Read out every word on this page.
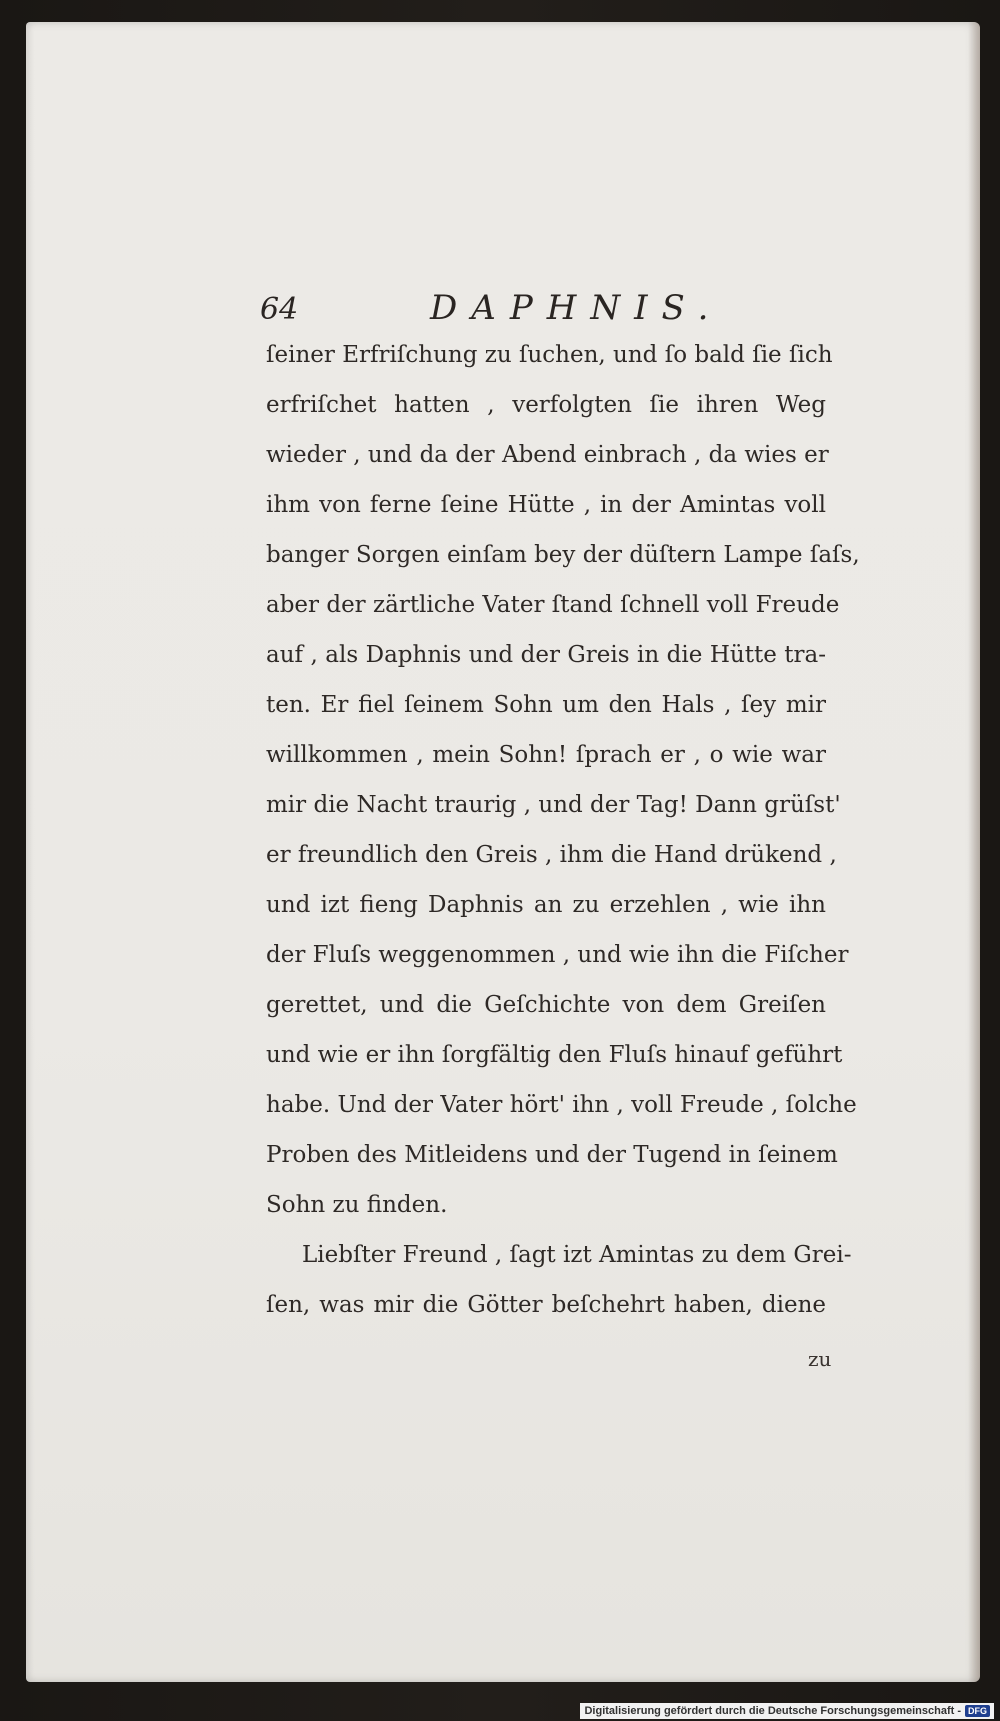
64	DAPHNIS.
ſeiner Erfriſchung zu ſuchen, und ſo bald ſie ſich
erfriſchet hatten , verfolgten ſie ihren Weg
wieder , und da der Abend einbrach , da wies er
ihm von ferne ſeine Hütte , in der Amintas voll
banger Sorgen einſam bey der düſtern Lampe ſaſs,
aber der zärtliche Vater ſtand ſchnell voll Freude
auf , als Daphnis und der Greis in die Hütte tra-
ten. Er fiel ſeinem Sohn um den Hals , ſey mir
willkommen , mein Sohn! ſprach er , o wie war
mir die Nacht traurig , und der Tag! Dann grüſst'
er freundlich den Greis , ihm die Hand drükend ,
und izt fieng Daphnis an zu erzehlen , wie ihn
der Fluſs weggenommen , und wie ihn die Fiſcher
gerettet, und die Geſchichte von dem Greiſen
und wie er ihn ſorgfältig den Fluſs hinauf geführt
habe. Und der Vater hört' ihn , voll Freude , ſolche
Proben des Mitleidens und der Tugend in ſeinem
Sohn zu finden.
Liebſter Freund , ſagt izt Amintas zu dem Grei-
ſen, was mir die Götter beſchehrt haben, diene
zu
Digitalisierung gefördert durch die Deutsche Forschungsgemeinschaft - DFG
